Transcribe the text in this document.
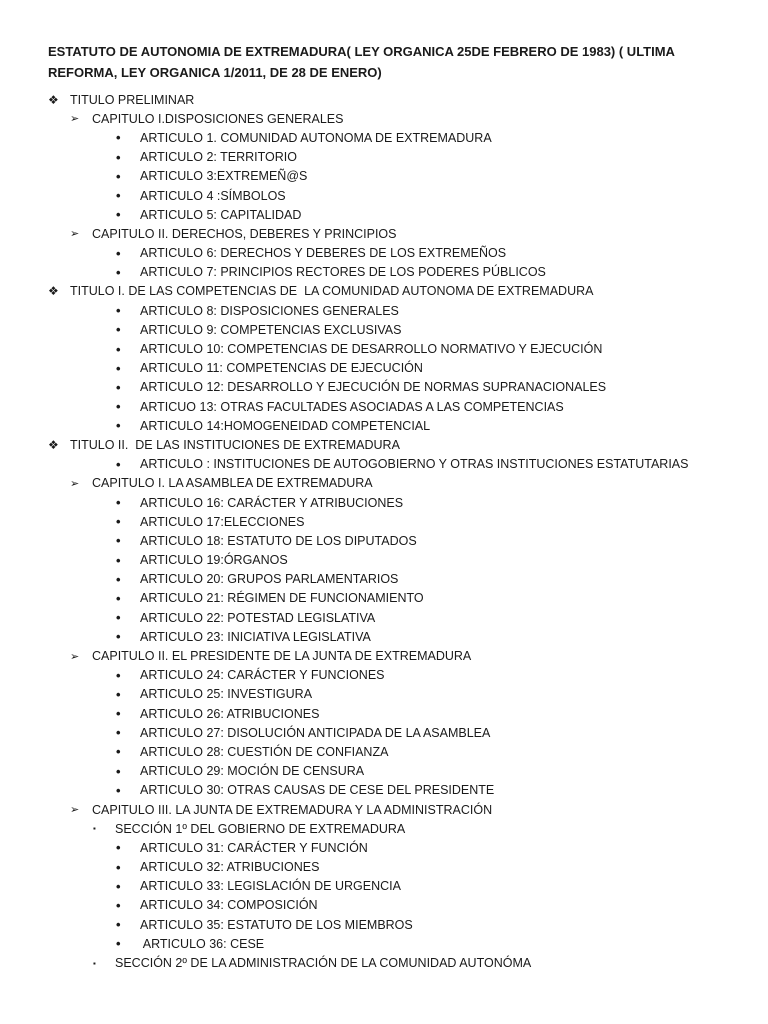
ESTATUTO DE AUTONOMIA DE EXTREMADURA( LEY ORGANICA 25DE FEBRERO DE 1983) ( ULTIMA REFORMA, LEY ORGANICA 1/2011, DE 28 DE ENERO)
❖ TITULO PRELIMINAR
➢	CAPITULO I.DISPOSICIONES GENERALES
•	ARTICULO 1. COMUNIDAD AUTONOMA DE EXTREMADURA
•	ARTICULO 2: TERRITORIO
•	ARTICULO 3:EXTREMEÑ@S
•	ARTICULO 4 :SÍMBOLOS
•	ARTICULO 5: CAPITALIDAD
➢	CAPITULO II. DERECHOS, DEBERES Y PRINCIPIOS
•	ARTICULO 6: DERECHOS Y DEBERES DE LOS EXTREMEÑOS
•	ARTICULO 7: PRINCIPIOS RECTORES DE LOS PODERES PÚBLICOS
❖ TITULO I. DE LAS COMPETENCIAS DE  LA COMUNIDAD AUTONOMA DE EXTREMADURA
•	ARTICULO 8: DISPOSICIONES GENERALES
•	ARTICULO 9: COMPETENCIAS EXCLUSIVAS
•	ARTICULO 10: COMPETENCIAS DE DESARROLLO NORMATIVO Y EJECUCIÓN
•	ARTICULO 11: COMPETENCIAS DE EJECUCIÓN
•	ARTICULO 12: DESARROLLO Y EJECUCIÓN DE NORMAS SUPRANACIONALES
•	ARTICUO 13: OTRAS FACULTADES ASOCIADAS A LAS COMPETENCIAS
•	ARTICULO 14:HOMOGENEIDAD COMPETENCIAL
❖ TITULO II.  DE LAS INSTITUCIONES DE EXTREMADURA
•	ARTICULO : INSTITUCIONES DE AUTOGOBIERNO Y OTRAS INSTITUCIONES ESTATUTARIAS
➢	CAPITULO I. LA ASAMBLEA DE EXTREMADURA
•	ARTICULO 16: CARÁCTER Y ATRIBUCIONES
•	ARTICULO 17:ELECCIONES
•	ARTICULO 18: ESTATUTO DE LOS DIPUTADOS
•	ARTICULO 19:ÓRGANOS
•	ARTICULO 20: GRUPOS PARLAMENTARIOS
•	ARTICULO 21: RÉGIMEN DE FUNCIONAMIENTO
•	ARTICULO 22: POTESTAD LEGISLATIVA
•	ARTICULO 23: INICIATIVA LEGISLATIVA
➢	CAPITULO II. EL PRESIDENTE DE LA JUNTA DE EXTREMADURA
•	ARTICULO 24: CARÁCTER Y FUNCIONES
•	ARTICULO 25: INVESTIGURA
•	ARTICULO 26: ATRIBUCIONES
•	ARTICULO 27: DISOLUCIÓN ANTICIPADA DE LA ASAMBLEA
•	ARTICULO 28: CUESTIÓN DE CONFIANZA
•	ARTICULO 29: MOCIÓN DE CENSURA
•	ARTICULO 30: OTRAS CAUSAS DE CESE DEL PRESIDENTE
➢	CAPITULO III. LA JUNTA DE EXTREMADURA Y LA ADMINISTRACIÓN
▪	SECCIÓN 1º DEL GOBIERNO DE EXTREMADURA
•	ARTICULO 31: CARÁCTER Y FUNCIÓN
•	ARTICULO 32: ATRIBUCIONES
•	ARTICULO 33: LEGISLACIÓN DE URGENCIA
•	ARTICULO 34: COMPOSICIÓN
•	ARTICULO 35: ESTATUTO DE LOS MIEMBROS
•	ARTICULO 36: CESE
▪	SECCIÓN 2º DE LA ADMINISTRACIÓN DE LA COMUNIDAD AUTONÓMA
